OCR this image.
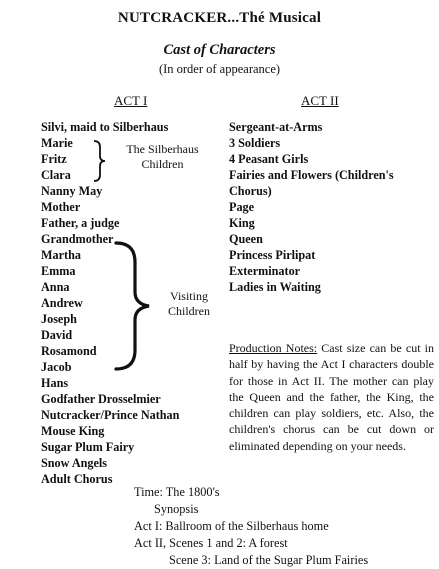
NUTCRACKER...Thé Musical
Cast of Characters
(In order of appearance)
ACT I	ACT II
Silvi, maid to Silberhaus
Marie
Fritz
Clara
Nanny May
Mother
Father, a judge
Grandmother
Martha
Emma
Anna
Andrew
Joseph
David
Rosamond
Jacob
Hans
Godfather Drosselmier
Nutcracker/Prince Nathan
Mouse King
Sugar Plum Fairy
Snow Angels
Adult Chorus
The Silberhaus
Children
Visiting
Children
Sergeant-at-Arms
3 Soldiers
4 Peasant Girls
Fairies and Flowers (Children's Chorus)
Page
King
Queen
Princess Pirlipat
Exterminator
Ladies in Waiting
Production Notes: Cast size can be cut in half by having the Act I characters double for those in Act II. The mother can play the Queen and the father, the King, the children can play soldiers, etc. Also, the children's chorus can be cut down or eliminated depending on your needs.
Time: The 1800's
Synopsis
Act I: Ballroom of the Silberhaus home
Act II, Scenes 1 and 2: A forest
Scene 3: Land of the Sugar Plum Fairies
